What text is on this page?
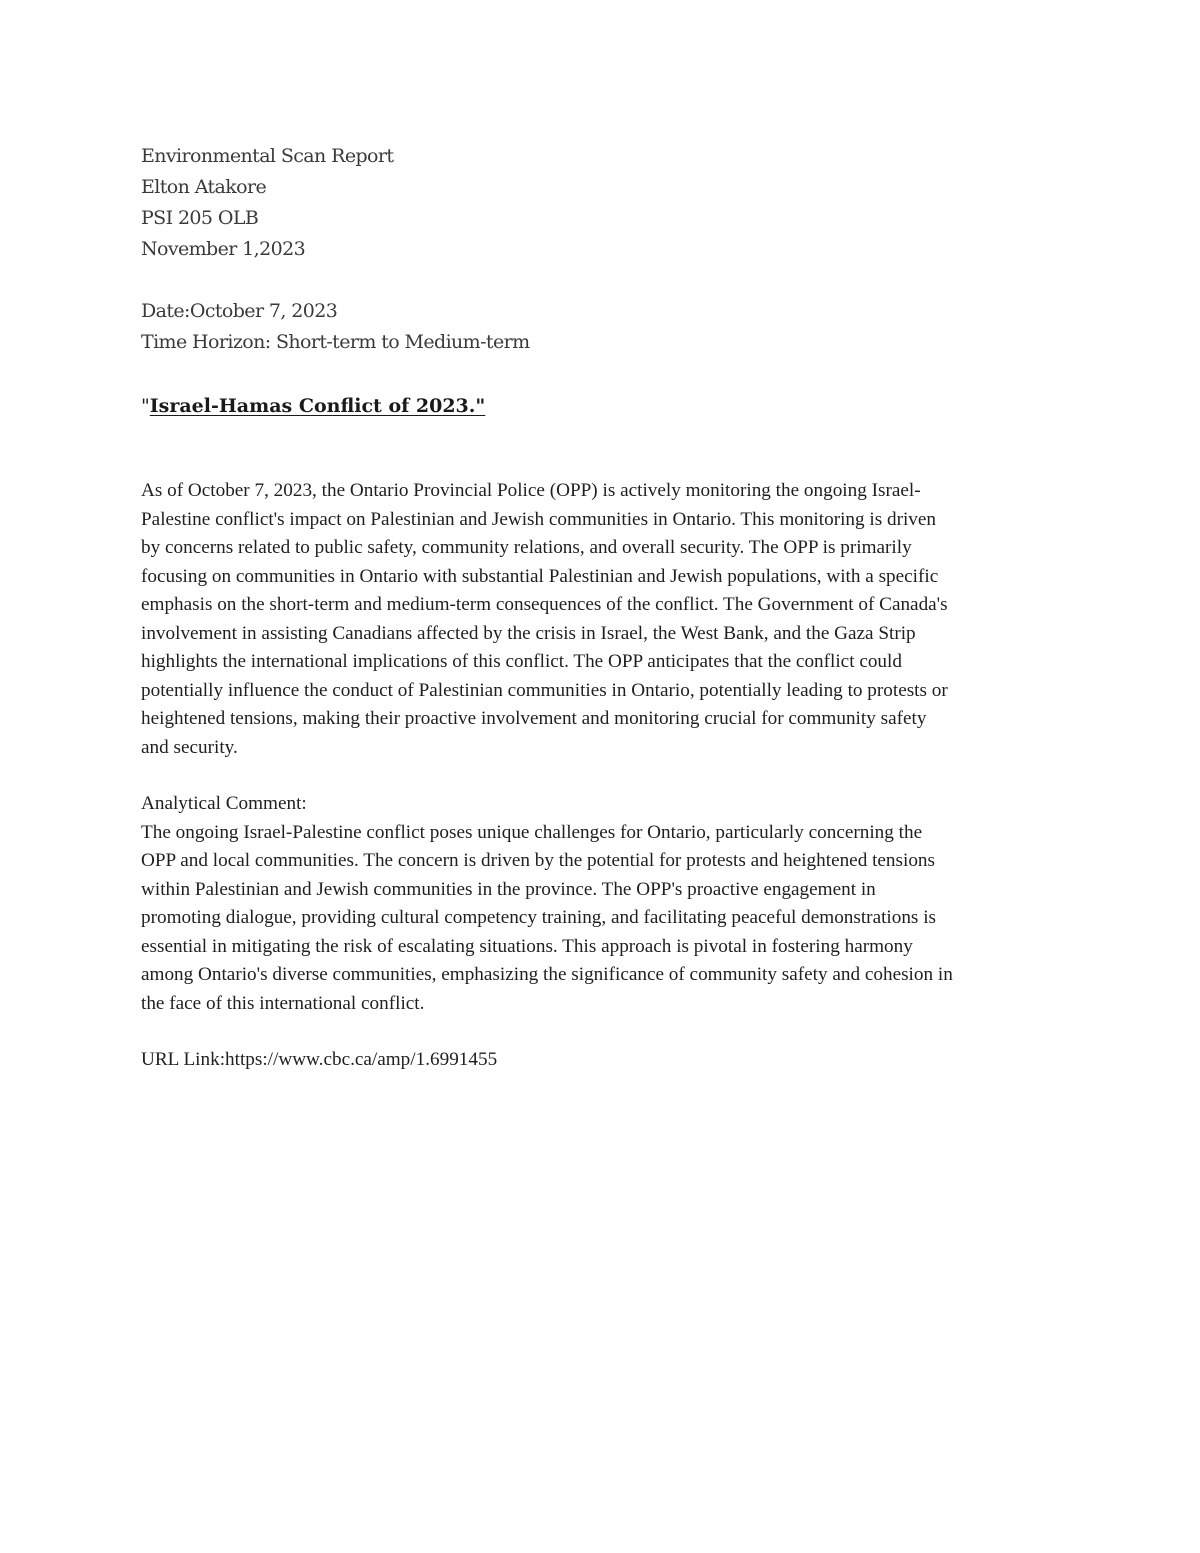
Environmental Scan Report
Elton Atakore
PSI 205 OLB
November 1,2023
Date:October 7, 2023
Time Horizon: Short-term to Medium-term
"Israel-Hamas Conflict of 2023."
As of October 7, 2023, the Ontario Provincial Police (OPP) is actively monitoring the ongoing Israel-
Palestine conflict's impact on Palestinian and Jewish communities in Ontario. This monitoring is driven
by concerns related to public safety, community relations, and overall security. The OPP is primarily
focusing on communities in Ontario with substantial Palestinian and Jewish populations, with a specific
emphasis on the short-term and medium-term consequences of the conflict. The Government of Canada's
involvement in assisting Canadians affected by the crisis in Israel, the West Bank, and the Gaza Strip
highlights the international implications of this conflict. The OPP anticipates that the conflict could
potentially influence the conduct of Palestinian communities in Ontario, potentially leading to protests or
heightened tensions, making their proactive involvement and monitoring crucial for community safety
and security.
Analytical Comment:
The ongoing Israel-Palestine conflict poses unique challenges for Ontario, particularly concerning the
OPP and local communities. The concern is driven by the potential for protests and heightened tensions
within Palestinian and Jewish communities in the province. The OPP's proactive engagement in
promoting dialogue, providing cultural competency training, and facilitating peaceful demonstrations is
essential in mitigating the risk of escalating situations. This approach is pivotal in fostering harmony
among Ontario's diverse communities, emphasizing the significance of community safety and cohesion in
the face of this international conflict.
URL Link:https://www.cbc.ca/amp/1.6991455
